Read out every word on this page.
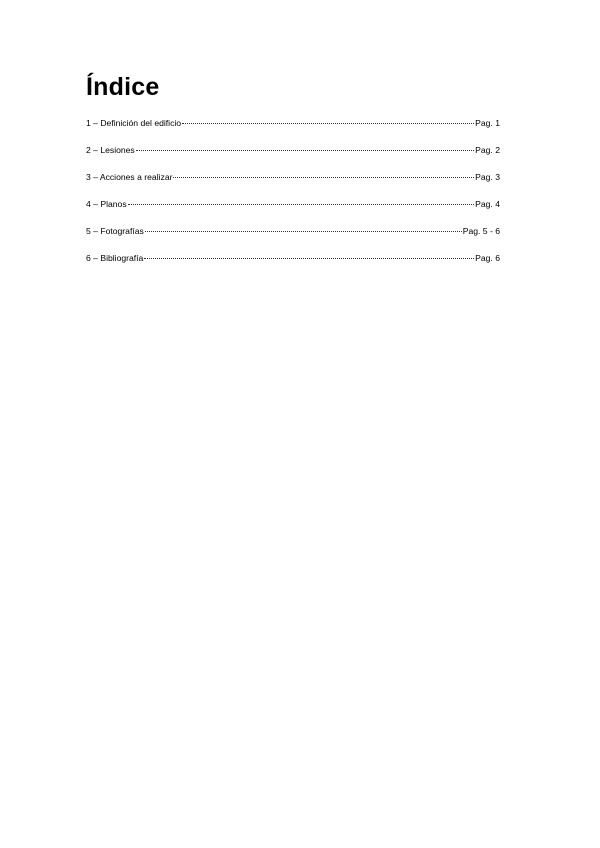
Índice
1 – Definición del edificio	Pag. 1
2 – Lesiones	Pag. 2
3 – Acciones a realizar	Pag. 3
4 – Planos	Pag. 4
5 – Fotografías	Pag. 5 - 6
6 – Bibliografía	Pag. 6
